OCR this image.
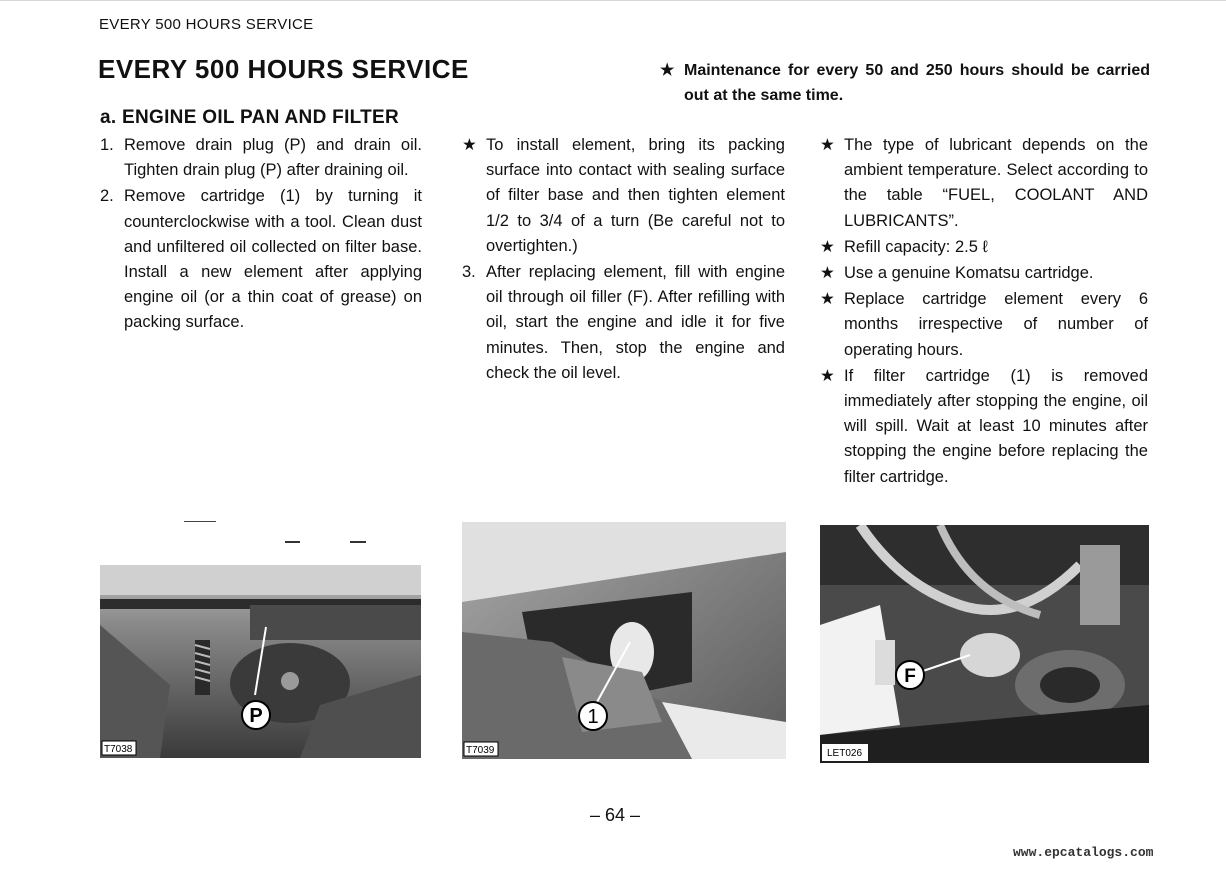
EVERY 500 HOURS SERVICE
EVERY 500 HOURS SERVICE	★ Maintenance for every 50 and 250 hours should be carried out at the same time.
a. ENGINE OIL PAN AND FILTER
1. Remove drain plug (P) and drain oil. Tighten drain plug (P) after draining oil.
2. Remove cartridge (1) by turning it counterclockwise with a tool. Clean dust and unfiltered oil collected on filter base. Install a new element after applying engine oil (or a thin coat of grease) on packing surface.
★ To install element, bring its packing surface into contact with sealing surface of filter base and then tighten element 1/2 to 3/4 of a turn (Be careful not to overtighten.)
3. After replacing element, fill with engine oil through oil filler (F). After refilling with oil, start the engine and idle it for five minutes. Then, stop the engine and check the oil level.
★ The type of lubricant depends on the ambient temperature. Select according to the table “FUEL, COOLANT AND LUBRICANTS”.
★ Refill capacity: 2.5 ℓ
★ Use a genuine Komatsu cartridge.
★ Replace cartridge element every 6 months irrespective of number of operating hours.
★ If filter cartridge (1) is removed immediately after stopping the engine, oil will spill. Wait at least 10 minutes after stopping the engine before replacing the filter cartridge.
P
T7038
1
T7039
F
LET026
– 64 –
www.epcatalogs.com
